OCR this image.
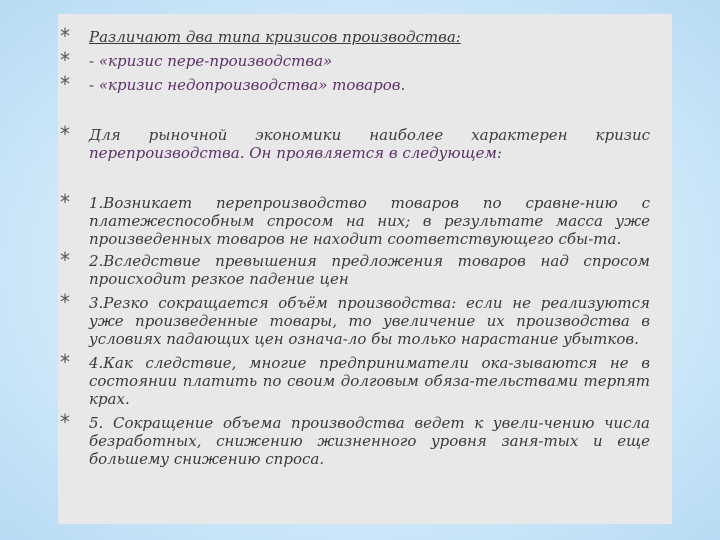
* Различают два типа кризисов производства:
* - «кризис пере-производства»
* - «кризис недопроизводства» товаров.
* Для рыночной экономики наиболее характерен кризис перепроизводства. Он проявляется в следующем:
* 1.Возникает перепроизводство товаров по сравне-нию с платежеспособным спросом на них; в результате масса уже произведенных товаров не находит соответствующего сбы-та.
* 2.Вследствие превышения предложения товаров над спросом происходит резкое падение цен
* 3.Резко сокращается объём производства: если не реализуются уже произведенные товары, то увеличение их производства в условиях падающих цен означа-ло бы только нарастание убытков.
* 4.Как следствие, многие предприниматели ока-зываются не в состоянии платить по своим долговым обяза-тельствами терпят крах.
* 5. Сокращение объема производства ведет к увели-чению числа безработных, снижению жизненного уровня заня-тых и еще большему снижению спроса.
